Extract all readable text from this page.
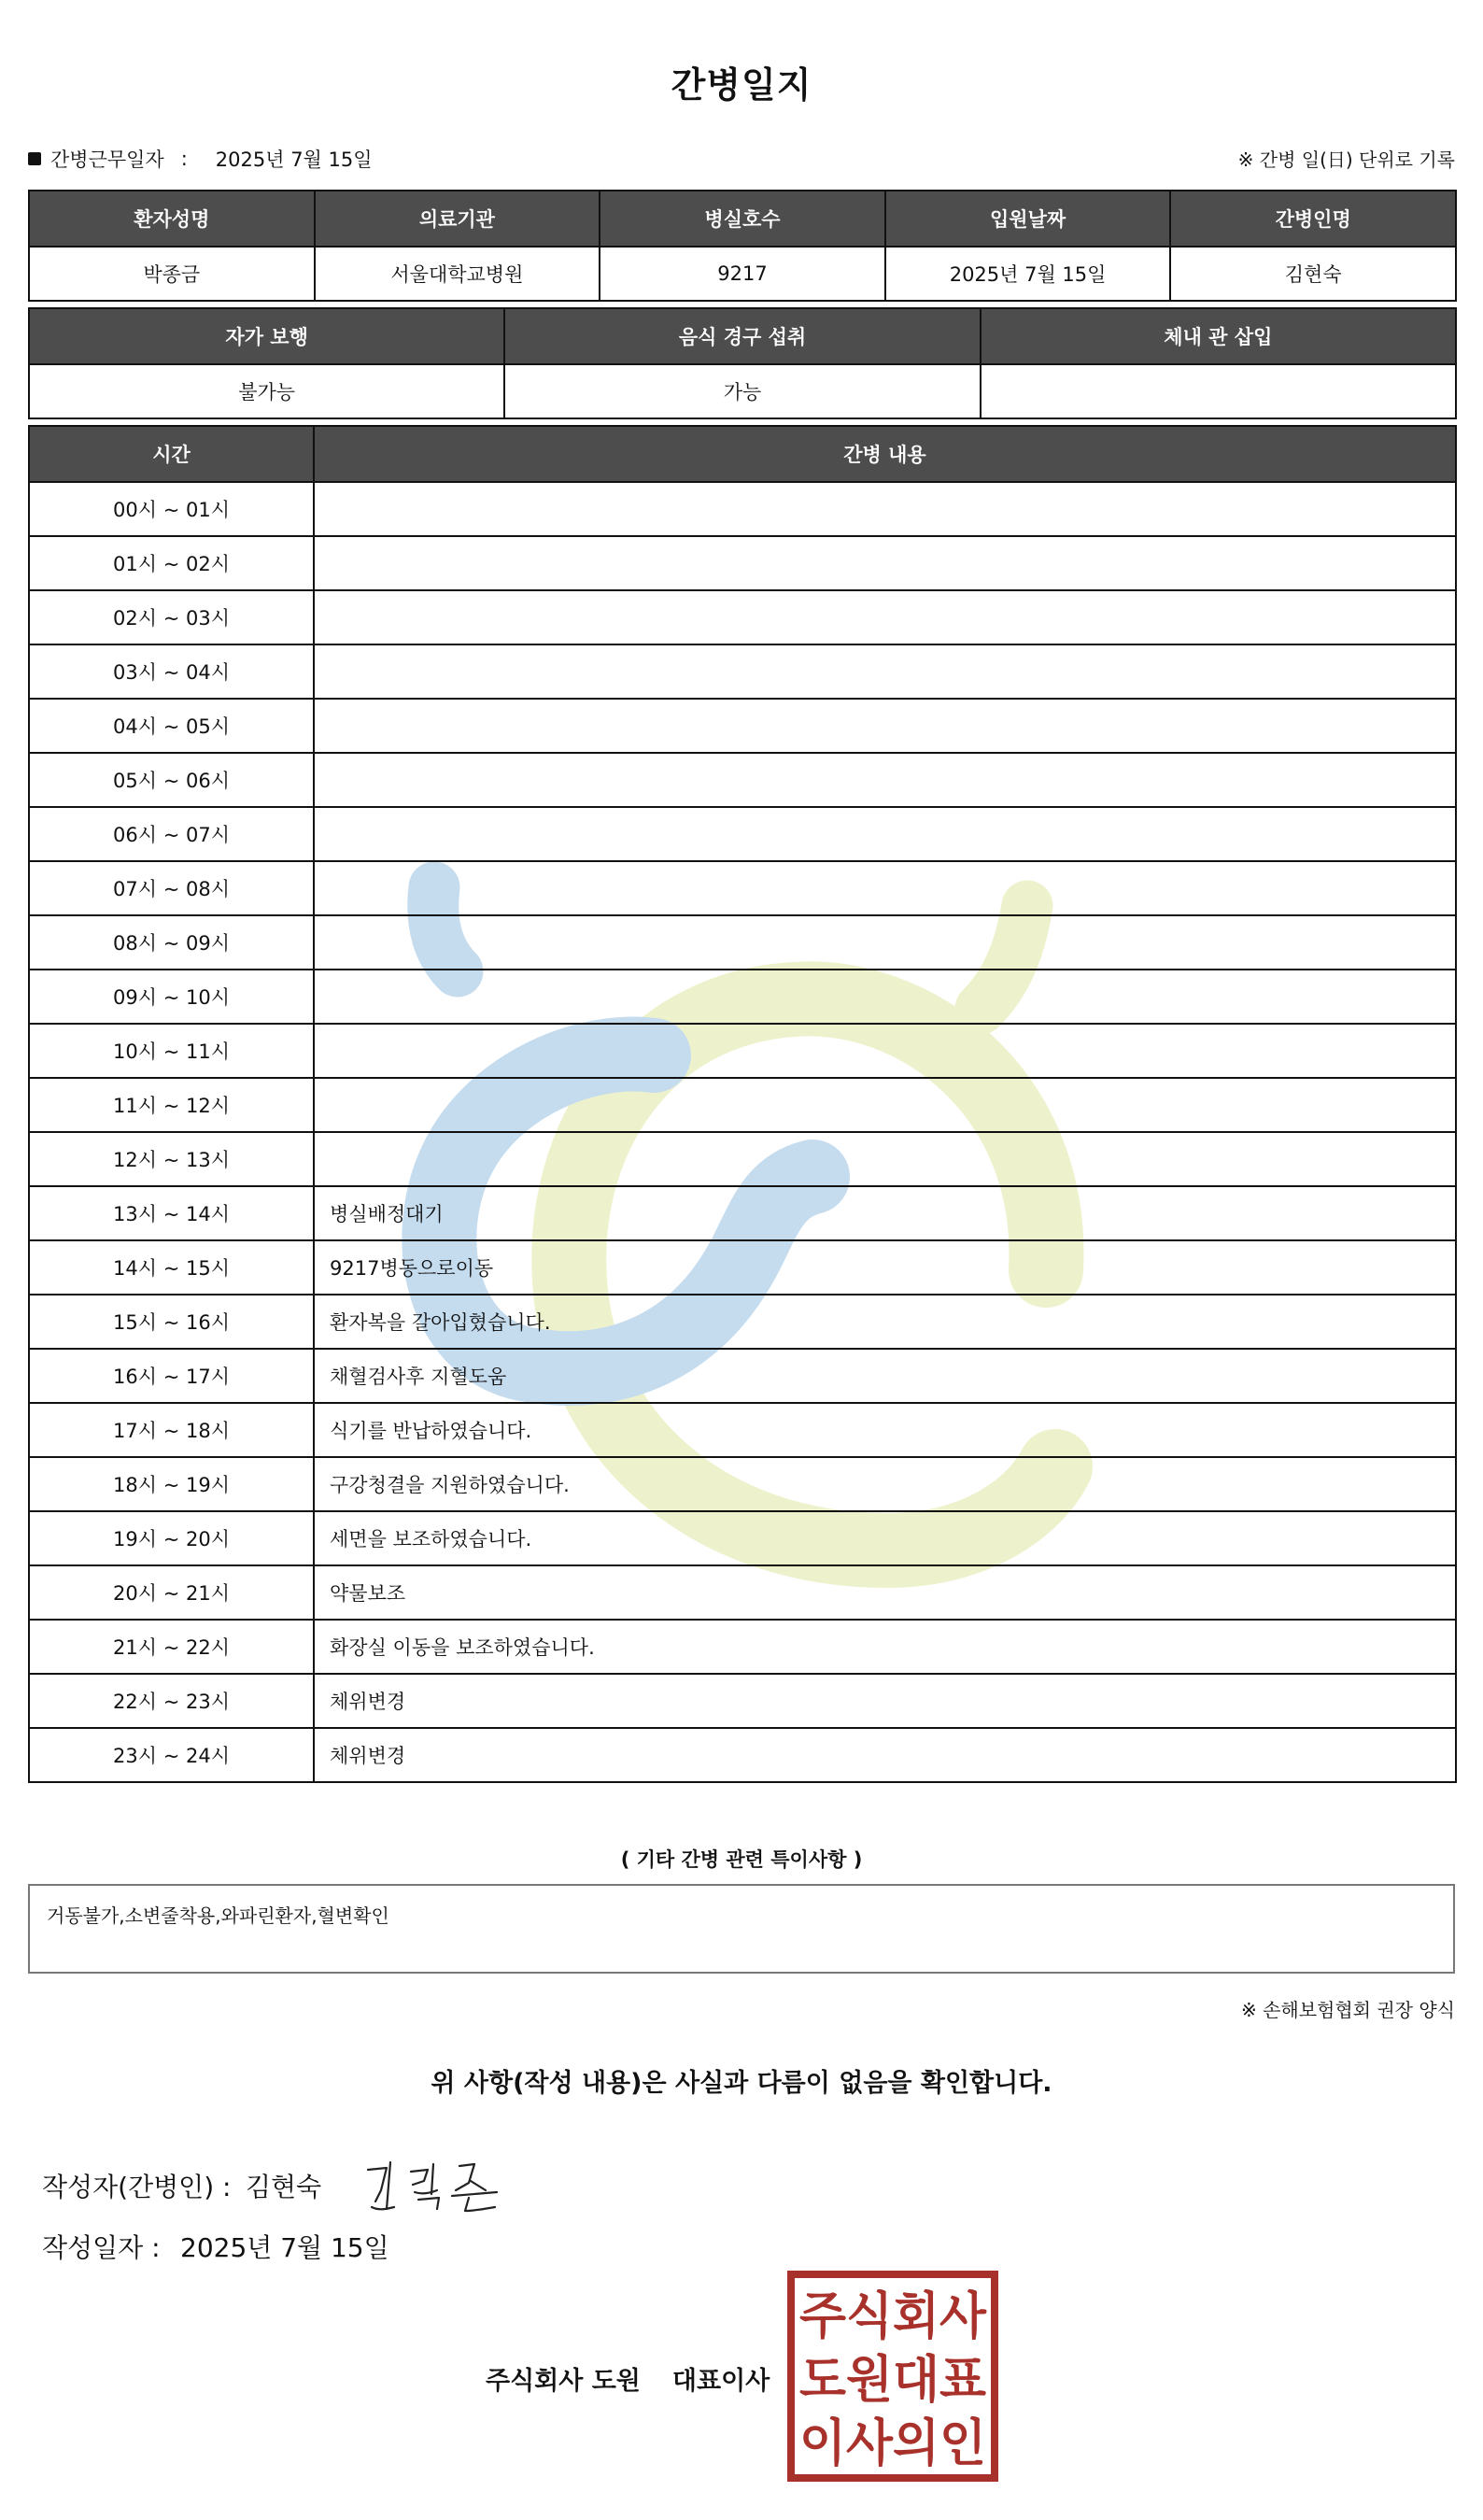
간병일지
간병근무일자 : 2025년 7월 15일	※ 간병 일(日) 단위로 기록
환자성명	의료기관	병실호수	입원날짜	간병인명
박종금	서울대학교병원	9217	2025년 7월 15일	김현숙
자가 보행	음식 경구 섭취	체내 관 삽입
불가능	가능	
시간	간병 내용
00시 ~ 01시	
01시 ~ 02시	
02시 ~ 03시	
03시 ~ 04시	
04시 ~ 05시	
05시 ~ 06시	
06시 ~ 07시	
07시 ~ 08시	
08시 ~ 09시	
09시 ~ 10시	
10시 ~ 11시	
11시 ~ 12시	
12시 ~ 13시	
13시 ~ 14시	병실배정대기
14시 ~ 15시	9217병동으로이동
15시 ~ 16시	환자복을 갈아입혔습니다.
16시 ~ 17시	채혈검사후 지혈도움
17시 ~ 18시	식기를 반납하였습니다.
18시 ~ 19시	구강청결을 지원하였습니다.
19시 ~ 20시	세면을 보조하였습니다.
20시 ~ 21시	약물보조
21시 ~ 22시	화장실 이동을 보조하였습니다.
22시 ~ 23시	체위변경
23시 ~ 24시	체위변경
( 기타 간병 관련 특이사항 )
거동불가,소변줄착용,와파린환자,혈변확인
※ 손해보험협회 권장 양식
위 사항(작성 내용)은 사실과 다름이 없음을 확인합니다.
작성자(간병인) : 김현숙
작성일자 : 2025년 7월 15일
주식회사 도원 대표이사
주식회사
도원대표
이사의인
